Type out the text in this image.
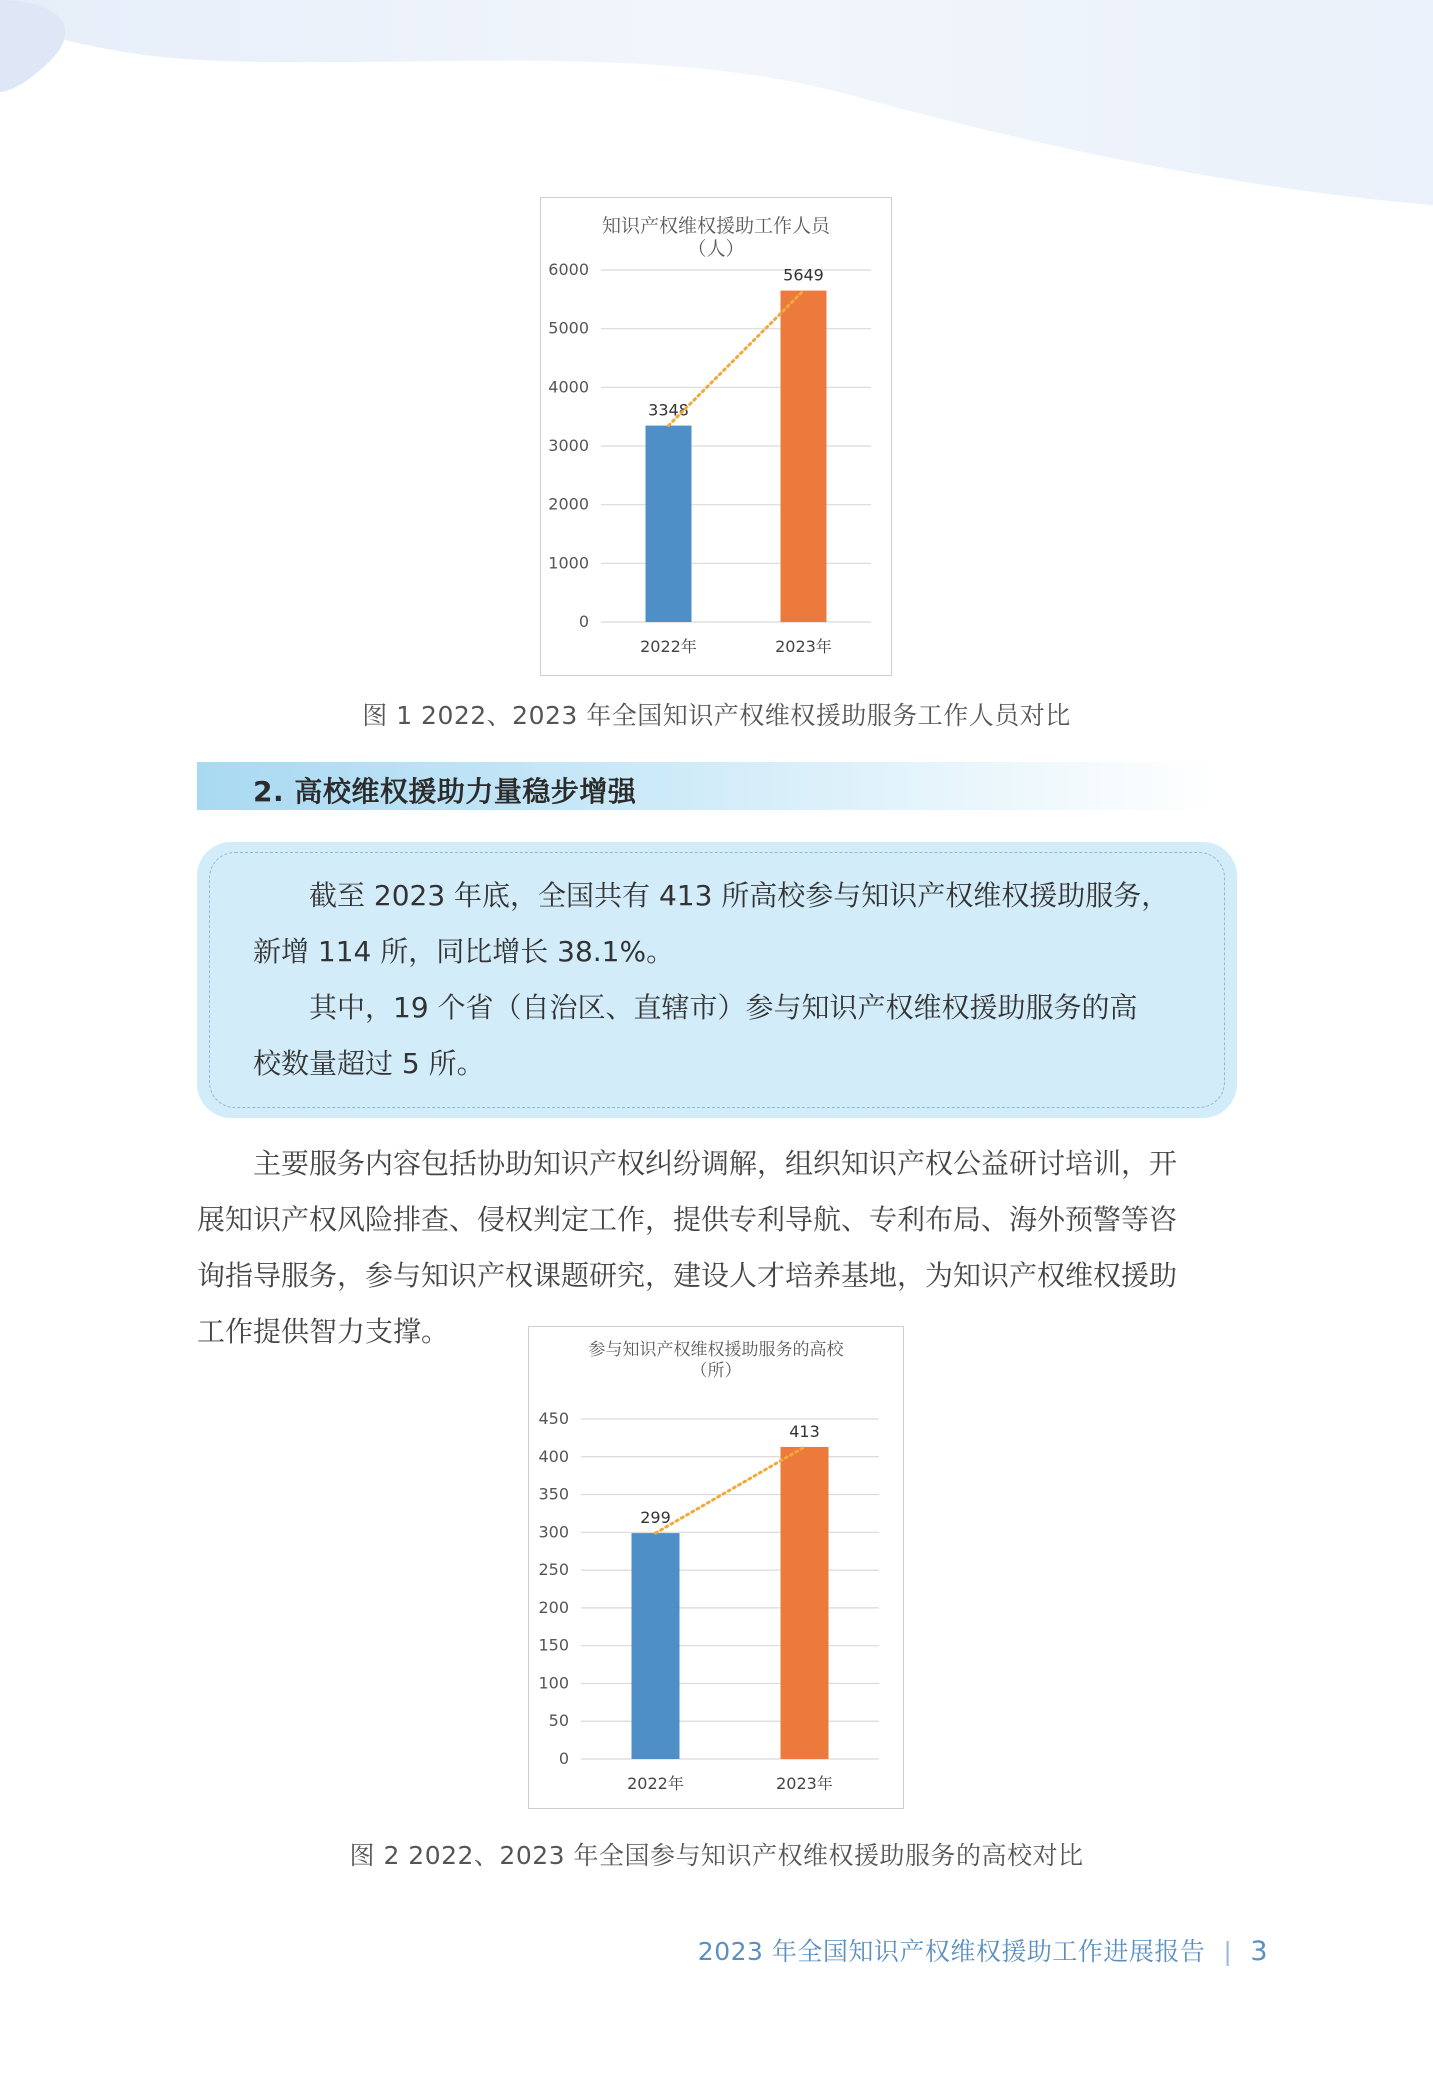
知识产权维权援助工作人员
（人）
0
1000
2000
3000
4000
5000
6000
3348
2022年
5649
2023年
图 1 2022、2023 年全国知识产权维权援助服务工作人员对比
2. 高校维权援助力量稳步增强

截至 2023 年底，全国共有 413 所高校参与知识产权维权援助服务，

新增 114 所，同比增长 38.1%。

其中，19 个省（自治区、直辖市）参与知识产权维权援助服务的高

校数量超过 5 所。

主要服务内容包括协助知识产权纠纷调解，组织知识产权公益研讨培训，开

展知识产权风险排查、侵权判定工作，提供专利导航、专利布局、海外预警等咨

询指导服务，参与知识产权课题研究，建设人才培养基地，为知识产权维权援助

工作提供智力支撑。

参与知识产权维权援助服务的高校
（所）
0
50
100
150
200
250
300
350
400
450
299
2022年
413
2023年
图 2 2022、2023 年全国参与知识产权维权援助服务的高校对比
2023 年全国知识产权维权援助工作进展报告 | 3
